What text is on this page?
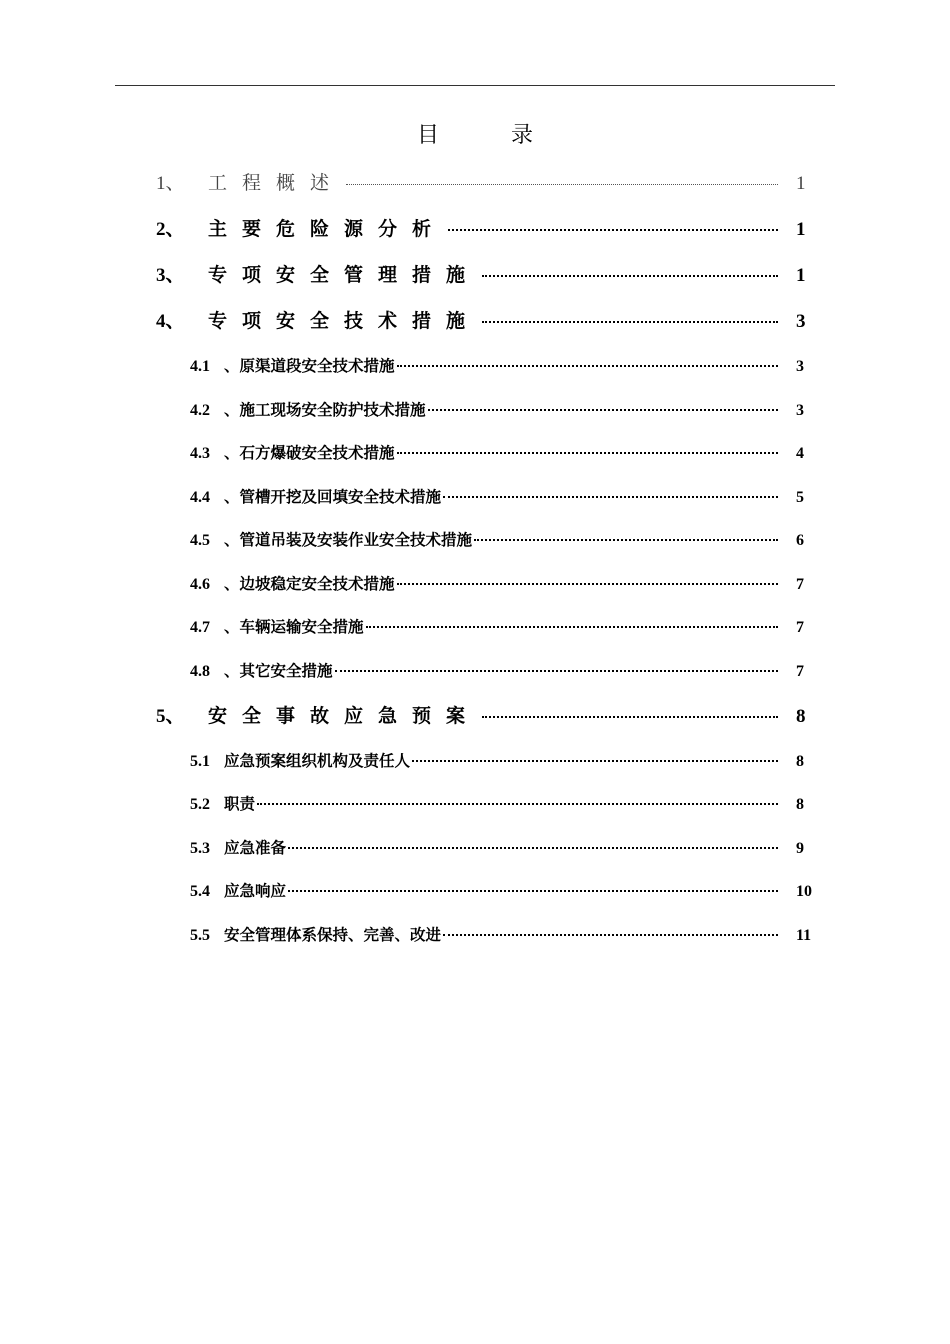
目录
1、	工程概述	1
2、	主要危险源分析	1
3、	专项安全管理措施	1
4、	专项安全技术措施	3
4.1 、原渠道段安全技术措施	3
4.2 、施工现场安全防护技术措施	3
4.3 、石方爆破安全技术措施	4
4.4 、管槽开挖及回填安全技术措施	5
4.5 、管道吊装及安装作业安全技术措施	6
4.6 、边坡稳定安全技术措施	7
4.7 、车辆运输安全措施	7
4.8 、其它安全措施	7
5、	安全事故应急预案	8
5.1 应急预案组织机构及责任人	8
5.2 职责	8
5.3 应急准备	9
5.4 应急响应	10
5.5 安全管理体系保持、完善、改进	11
